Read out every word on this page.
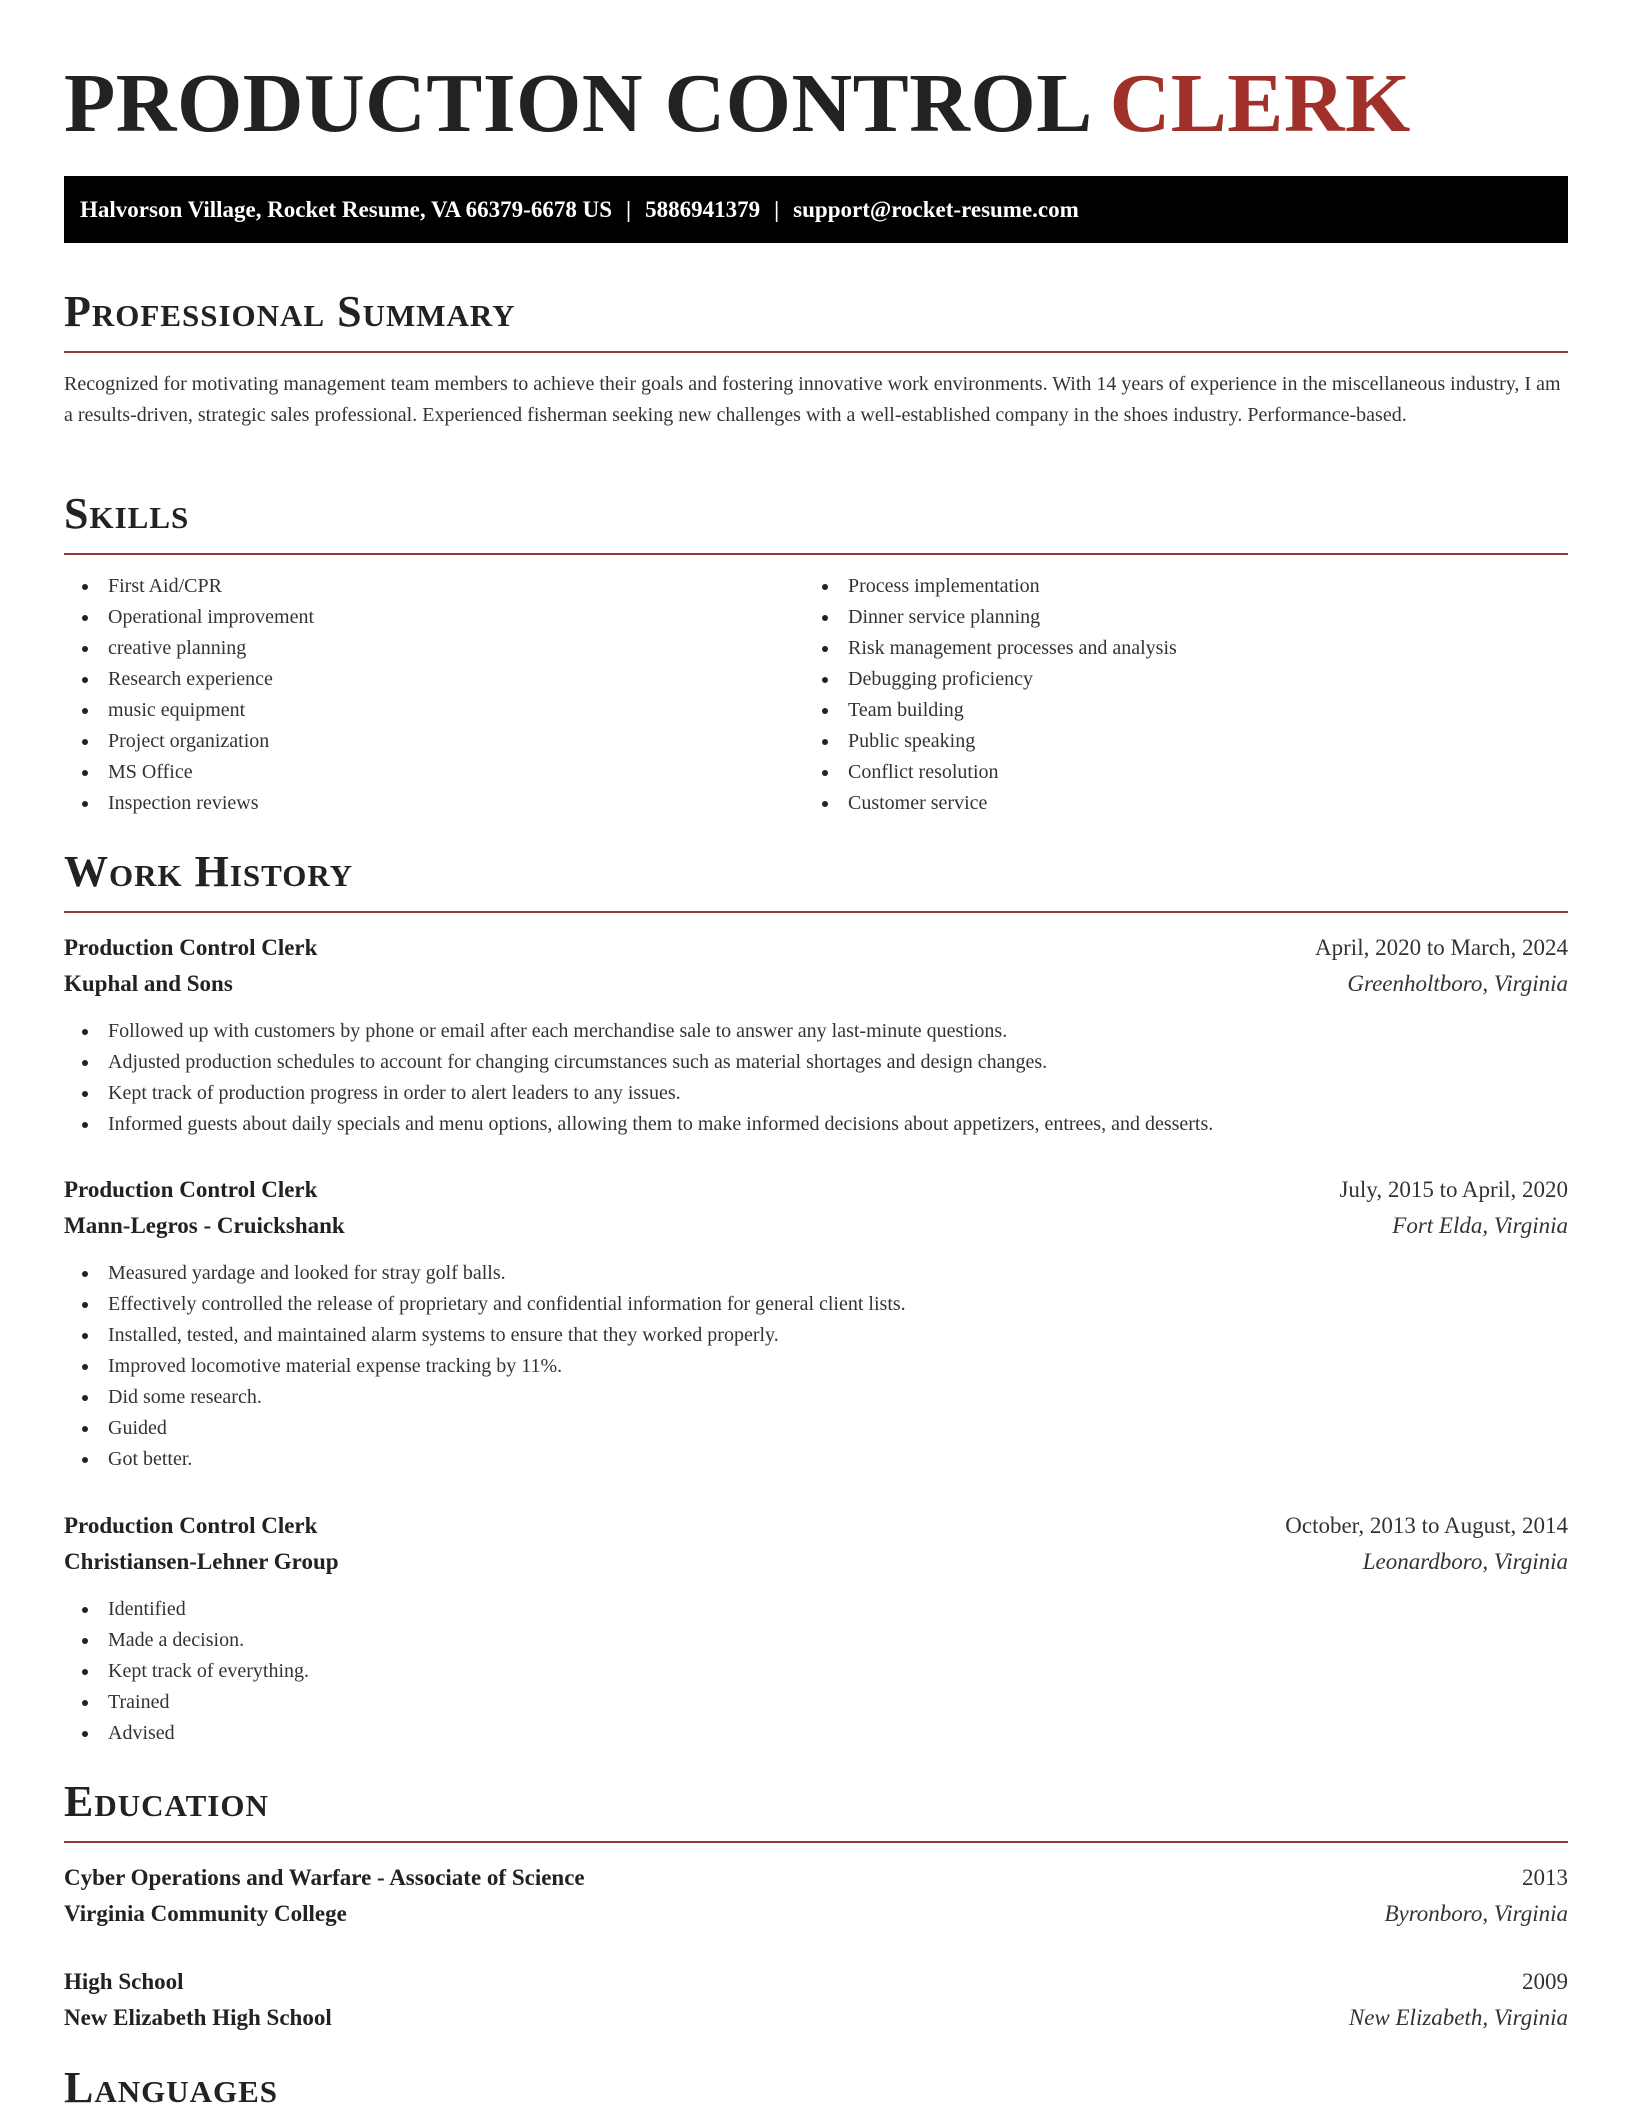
PRODUCTION CONTROL CLERK
Halvorson Village, Rocket Resume, VA 66379-6678 US | 5886941379 | support@rocket-resume.com
Professional Summary

Recognized for motivating management team members to achieve their goals and fostering innovative work environments. With 14 years of experience in the miscellaneous industry, I am a results-driven, strategic sales professional. Experienced fisherman seeking new challenges with a well-established company in the shoes industry. Performance-based.

Skills
First Aid/CPR
Operational improvement
creative planning
Research experience
music equipment
Project organization
MS Office
Inspection reviews
Process implementation
Dinner service planning
Risk management processes and analysis
Debugging proficiency
Team building
Public speaking
Conflict resolution
Customer service
Work History
Production Control Clerk	April, 2020 to March, 2024
Kuphal and Sons	Greenholtboro, Virginia
Followed up with customers by phone or email after each merchandise sale to answer any last-minute questions.
Adjusted production schedules to account for changing circumstances such as material shortages and design changes.
Kept track of production progress in order to alert leaders to any issues.
Informed guests about daily specials and menu options, allowing them to make informed decisions about appetizers, entrees, and desserts.
Production Control Clerk	July, 2015 to April, 2020
Mann-Legros - Cruickshank	Fort Elda, Virginia
Measured yardage and looked for stray golf balls.
Effectively controlled the release of proprietary and confidential information for general client lists.
Installed, tested, and maintained alarm systems to ensure that they worked properly.
Improved locomotive material expense tracking by 11%.
Did some research.
Guided
Got better.
Production Control Clerk	October, 2013 to August, 2014
Christiansen-Lehner Group	Leonardboro, Virginia
Identified
Made a decision.
Kept track of everything.
Trained
Advised
Education
Cyber Operations and Warfare - Associate of Science	2013
Virginia Community College	Byronboro, Virginia
High School	2009
New Elizabeth High School	New Elizabeth, Virginia
Languages
